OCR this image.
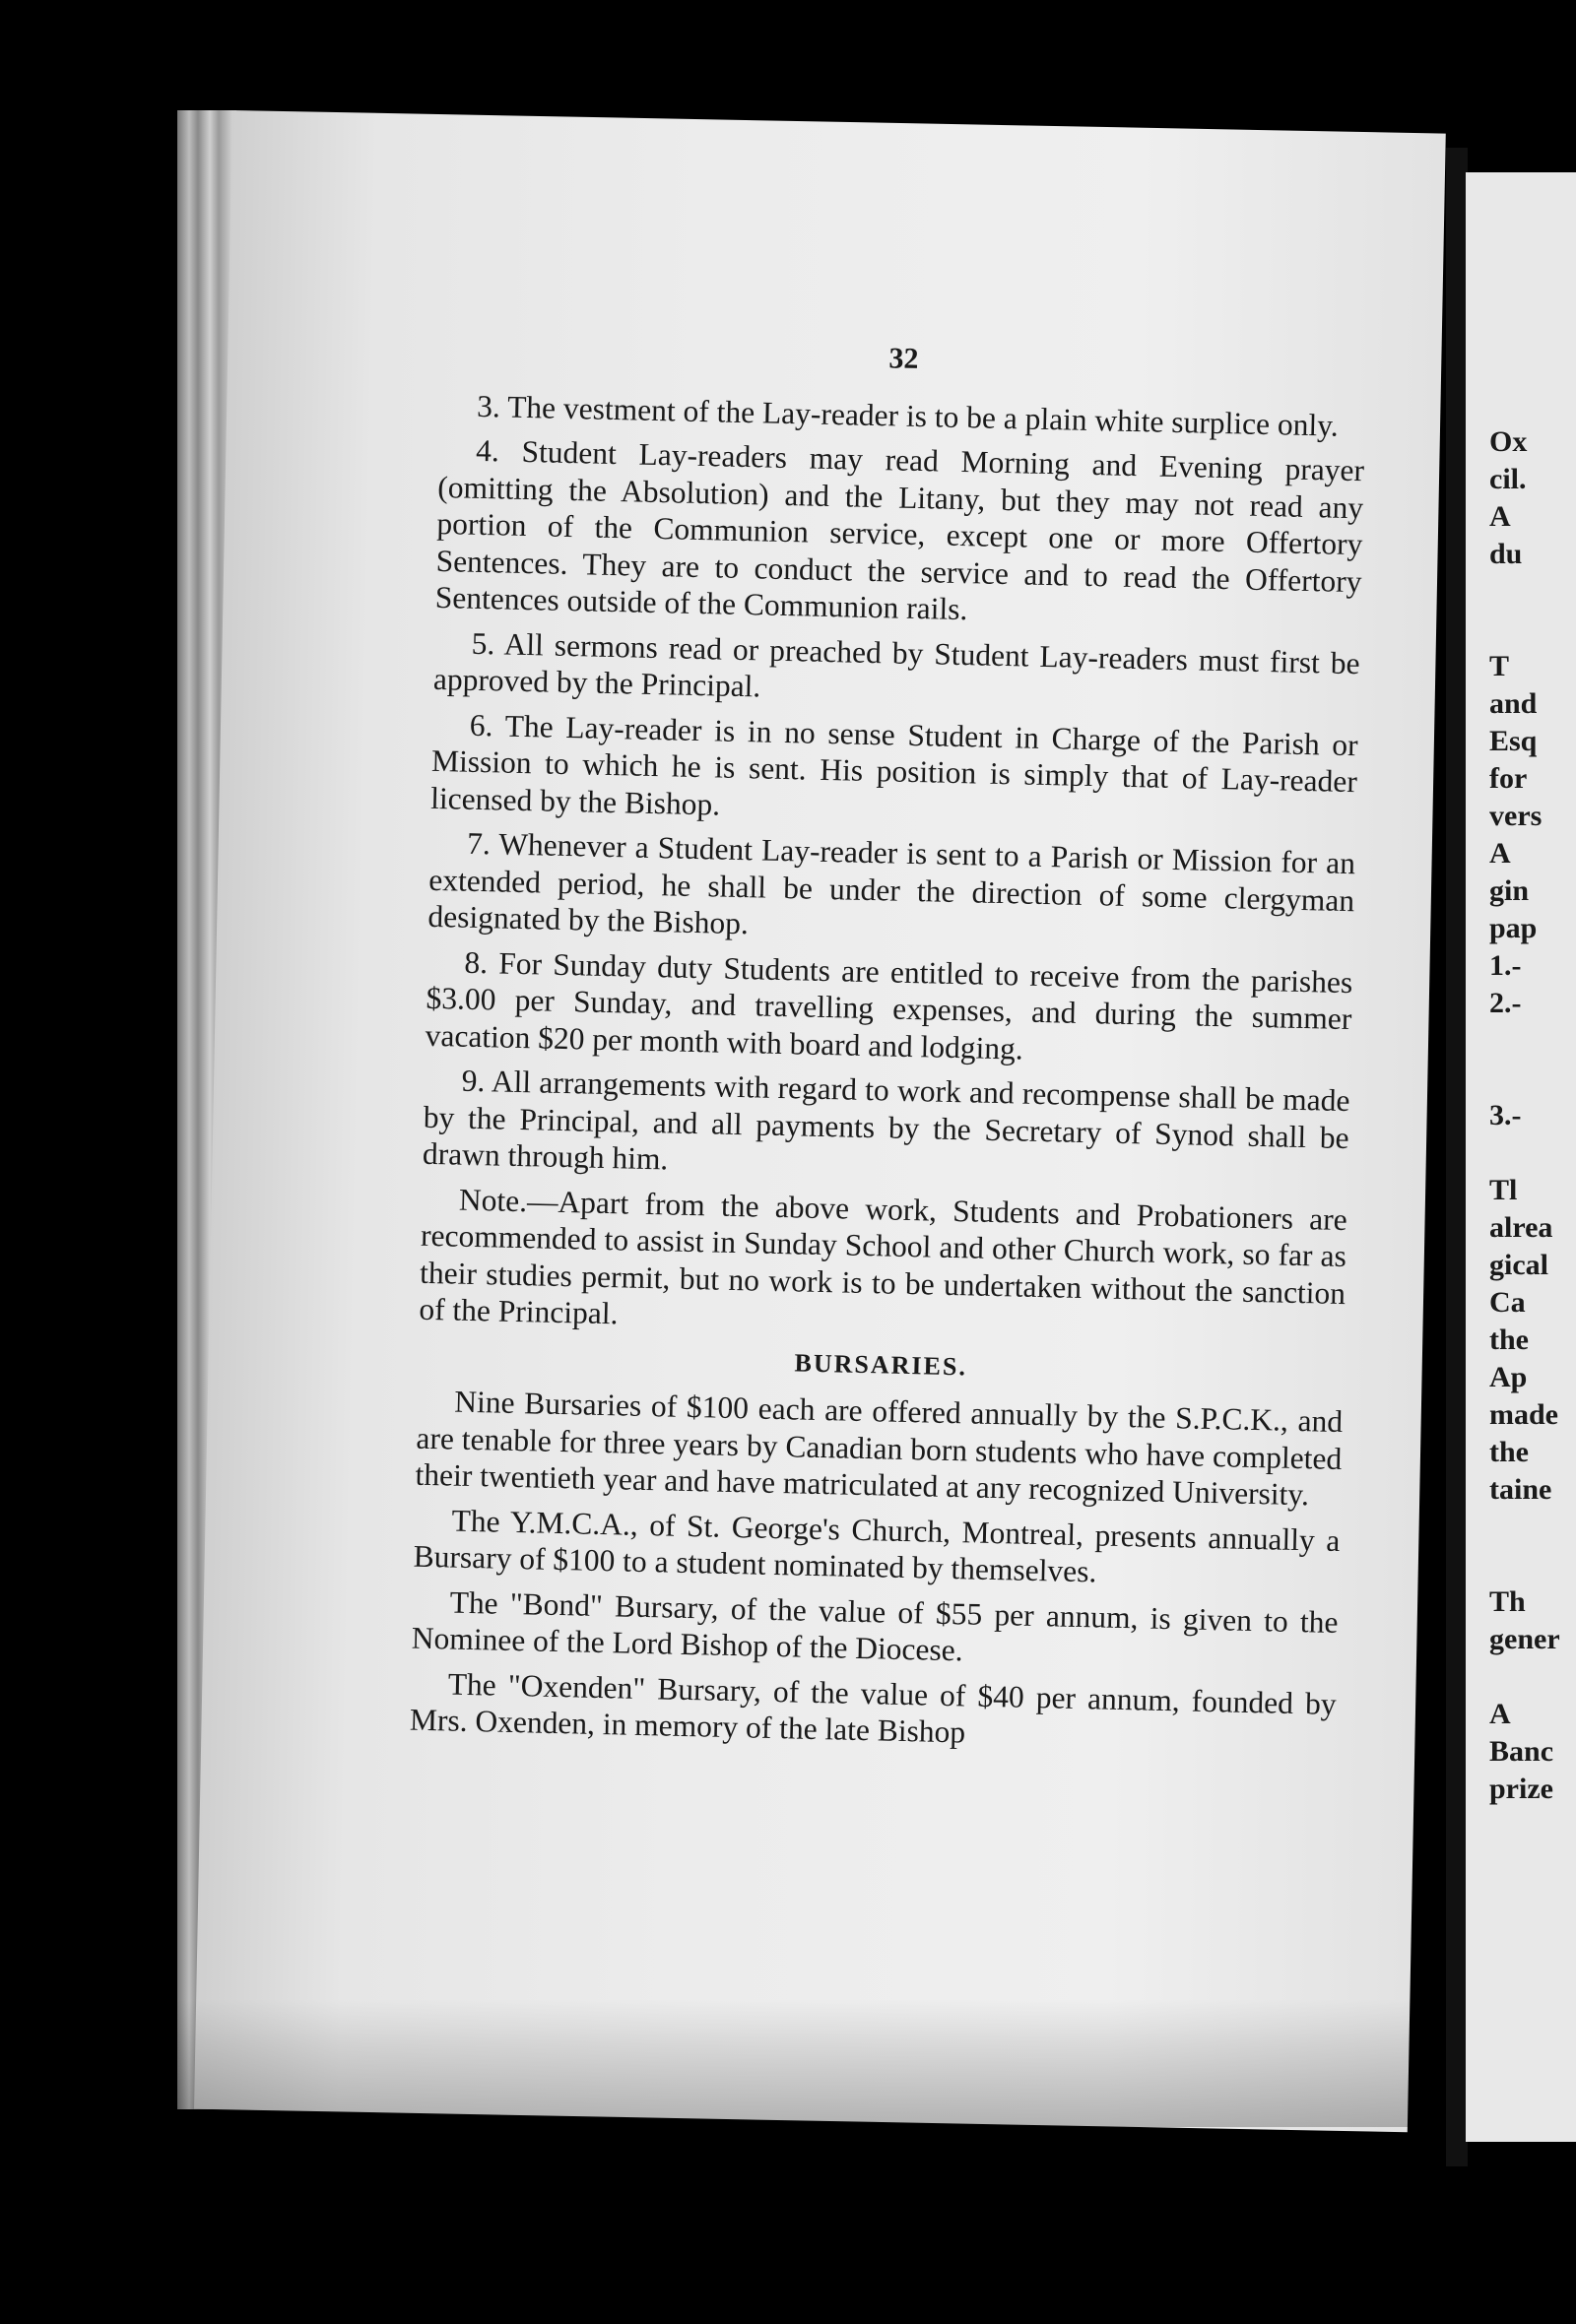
32

3. The vestment of the Lay-reader is to be a plain white surplice only.

4. Student Lay-readers may read Morning and Evening prayer (omitting the Absolution) and the Litany, but they may not read any portion of the Communion service, except one or more Offertory Sentences. They are to conduct the service and to read the Offertory Sentences outside of the Communion rails.

5. All sermons read or preached by Student Lay-readers must first be approved by the Principal.

6. The Lay-reader is in no sense Student in Charge of the Parish or Mission to which he is sent. His position is simply that of Lay-reader licensed by the Bishop.

7. Whenever a Student Lay-reader is sent to a Parish or Mission for an extended period, he shall be under the direction of some clergyman designated by the Bishop.

8. For Sunday duty Students are entitled to receive from the parishes $3.00 per Sunday, and travelling expenses, and during the summer vacation $20 per month with board and lodging.

9. All arrangements with regard to work and recompense shall be made by the Principal, and all payments by the Secretary of Synod shall be drawn through him.

Note.—Apart from the above work, Students and Probationers are recommended to assist in Sunday School and other Church work, so far as their studies permit, but no work is to be undertaken without the sanction of the Principal.

BURSARIES.

Nine Bursaries of $100 each are offered annually by the S.P.C.K., and are tenable for three years by Canadian born students who have completed their twentieth year and have matriculated at any recognized University.

The Y.M.C.A., of St. George's Church, Montreal, presents annually a Bursary of $100 to a student nominated by themselves.

The "Bond" Bursary, of the value of $55 per annum, is given to the Nominee of the Lord Bishop of the Diocese.

The "Oxenden" Bursary, of the value of $40 per annum, founded by Mrs. Oxenden, in memory of the late Bishop

Ox
cil.
A
du
T
and
Esq
for
vers
A
gin
pap
1.-
2.-
3.-
Tl
alrea
gical
Ca
the
Ap
made
the
taine
Th
gener
A
Banc
prize
